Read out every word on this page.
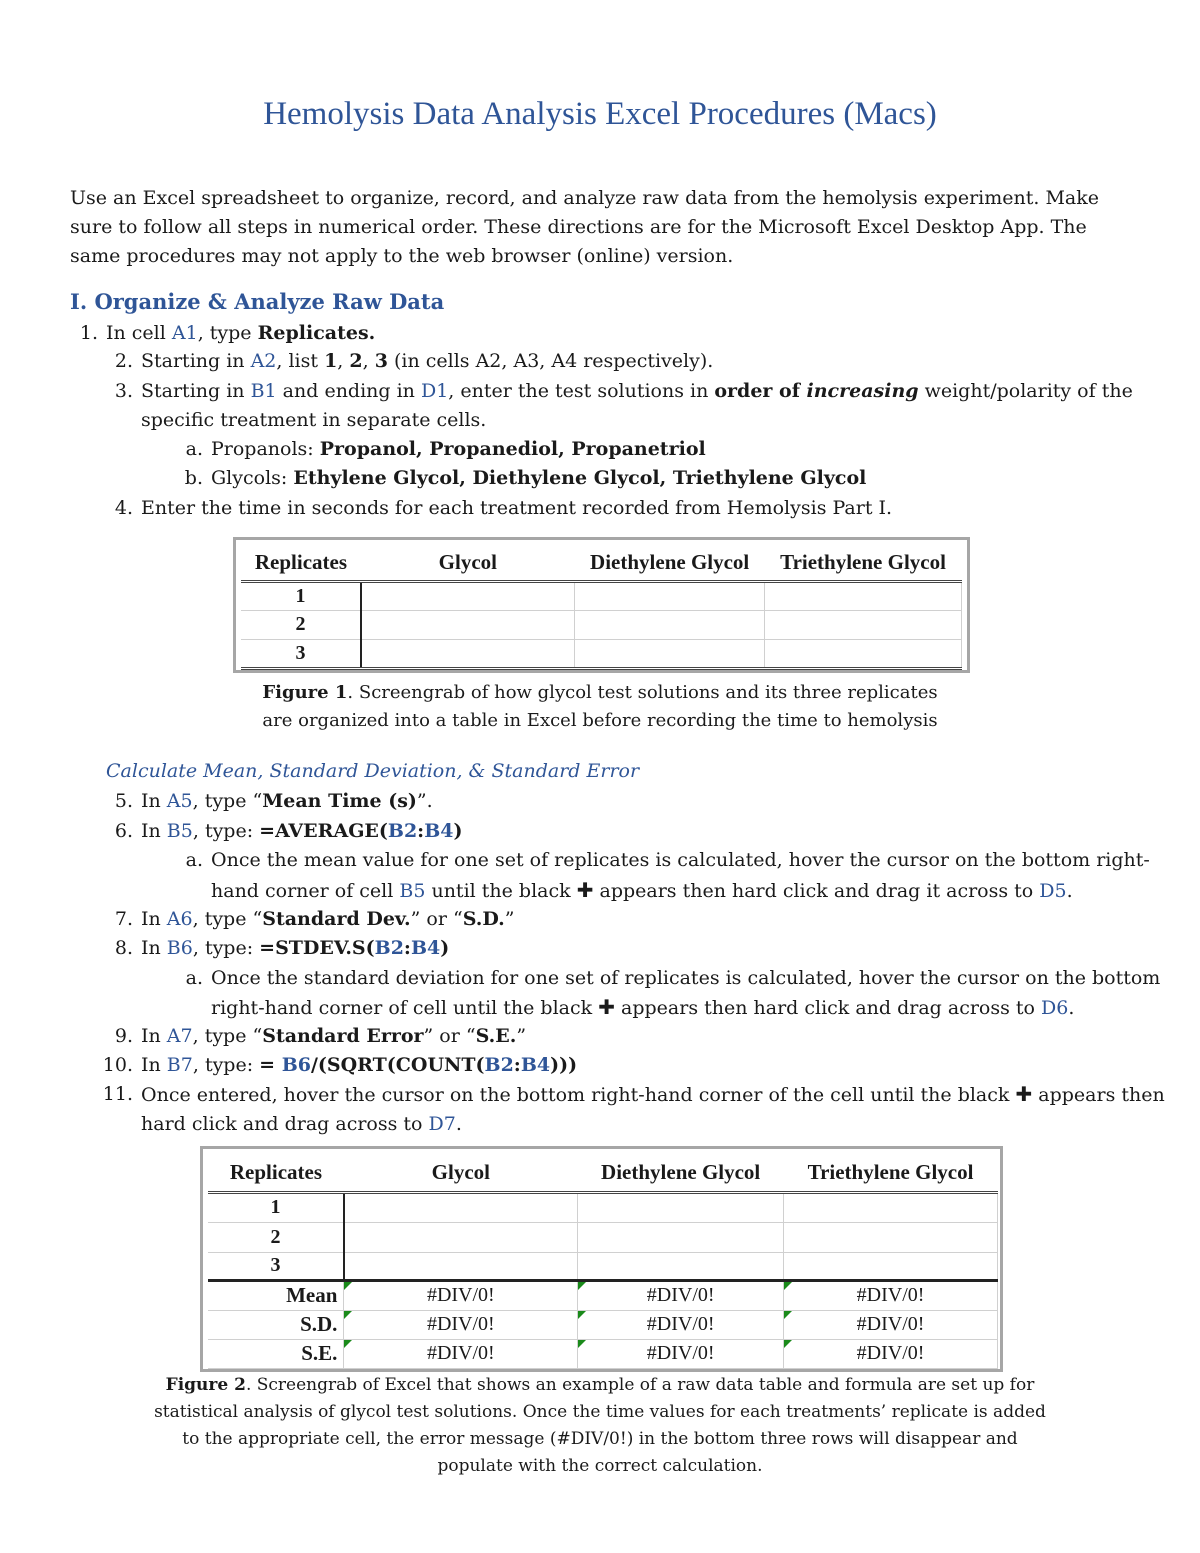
Hemolysis Data Analysis Excel Procedures (Macs)
Use an Excel spreadsheet to organize, record, and analyze raw data from the hemolysis experiment. Make sure to follow all steps in numerical order. These directions are for the Microsoft Excel Desktop App. The same procedures may not apply to the web browser (online) version.
I. Organize & Analyze Raw Data
1. In cell A1, type Replicates.
2. Starting in A2, list 1, 2, 3 (in cells A2, A3, A4 respectively).
3. Starting in B1 and ending in D1, enter the test solutions in order of increasing weight/polarity of the
specific treatment in separate cells.
a. Propanols: Propanol, Propanediol, Propanetriol
b. Glycols: Ethylene Glycol, Diethylene Glycol, Triethylene Glycol
4. Enter the time in seconds for each treatment recorded from Hemolysis Part I.
Replicates	Glycol	Diethylene Glycol	Triethylene Glycol
1			
2			
3			
Figure 1. Screengrab of how glycol test solutions and its three replicates
are organized into a table in Excel before recording the time to hemolysis
Calculate Mean, Standard Deviation, & Standard Error
5. In A5, type “Mean Time (s)”.
6. In B5, type: =AVERAGE(B2:B4)
a. Once the mean value for one set of replicates is calculated, hover the cursor on the bottom right-
hand corner of cell B5 until the black ✚ appears then hard click and drag it across to D5.
7. In A6, type “Standard Dev.” or “S.D.”
8. In B6, type: =STDEV.S(B2:B4)
a. Once the standard deviation for one set of replicates is calculated, hover the cursor on the bottom
right-hand corner of cell until the black ✚ appears then hard click and drag across to D6.
9. In A7, type “Standard Error” or “S.E.”
10. In B7, type: = B6/(SQRT(COUNT(B2:B4)))
11. Once entered, hover the cursor on the bottom right-hand corner of the cell until the black ✚ appears then
hard click and drag across to D7.
Replicates	Glycol	Diethylene Glycol	Triethylene Glycol
1			
2			
3			
Mean	#DIV/0!	#DIV/0!	#DIV/0!
S.D.	#DIV/0!	#DIV/0!	#DIV/0!
S.E.	#DIV/0!	#DIV/0!	#DIV/0!
Figure 2. Screengrab of Excel that shows an example of a raw data table and formula are set up for
statistical analysis of glycol test solutions. Once the time values for each treatments’ replicate is added
to the appropriate cell, the error message (#DIV/0!) in the bottom three rows will disappear and
populate with the correct calculation.
